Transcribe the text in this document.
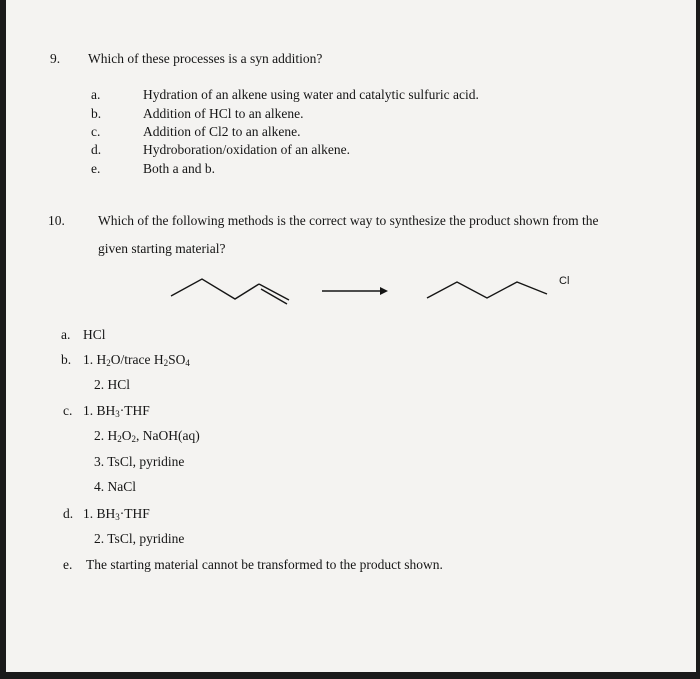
9. Which of these processes is a syn addition?
a.	Hydration of an alkene using water and catalytic sulfuric acid.
b.	Addition of HCl to an alkene.
c.	Addition of Cl2 to an alkene.
d.	Hydroboration/oxidation of an alkene.
e.	Both a and b.
10. Which of the following methods is the correct way to synthesize the product shown from the
given starting material?
Cl
a. HCl
b. 1. $H_2O$/trace $H_2SO_4$
2. HCl
c. 1. $BH_3\cdot THF$
2. $H_2O_2$, NaOH(aq)
3. TsCl, pyridine
4. NaCl
d. 1. $BH_3\cdot THF$
2. TsCl, pyridine
e. The starting material cannot be transformed to the product shown.
